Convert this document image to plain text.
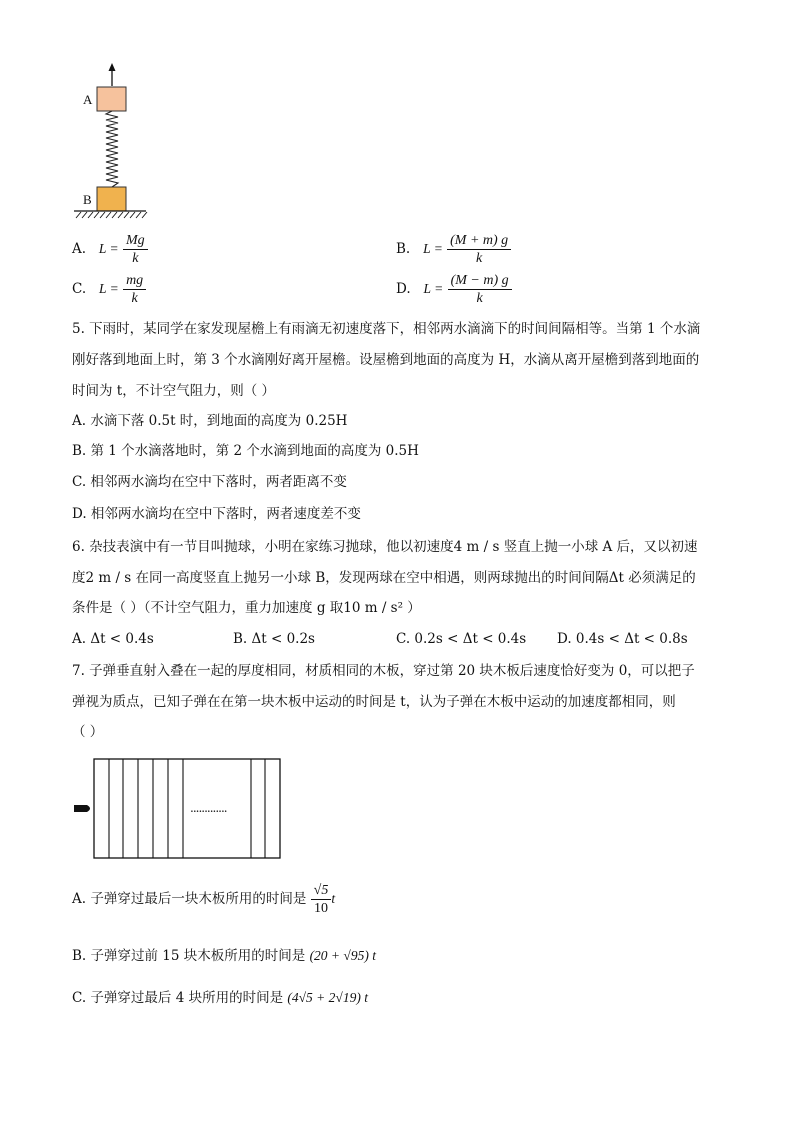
A
B
A. $L = \frac{Mg}{k}$	B. $L = \frac{(M + m) g}{k}$
C. $L = \frac{mg}{k}$	D. $L = \frac{(M - m) g}{k}$
5. 下雨时，某同学在家发现屋檐上有雨滴无初速度落下，相邻两水滴滴下的时间间隔相等。当第 1 个水滴
刚好落到地面上时，第 3 个水滴刚好离开屋檐。设屋檐到地面的高度为 H，水滴从离开屋檐到落到地面的
时间为 t，不计空气阻力，则（ ）
A. 水滴下落 0.5t 时，到地面的高度为 0.25H
B. 第 1 个水滴落地时，第 2 个水滴到地面的高度为 0.5H
C. 相邻两水滴均在空中下落时，两者距离不变
D. 相邻两水滴均在空中下落时，两者速度差不变
6. 杂技表演中有一节目叫抛球，小明在家练习抛球，他以初速度4 m / s 竖直上抛一小球 A 后，又以初速
度2 m / s 在同一高度竖直上抛另一小球 B，发现两球在空中相遇，则两球抛出的时间间隔Δt 必须满足的
条件是（ ）（不计空气阻力，重力加速度 g 取10 m / s² ）
A. Δt < 0.4s	B. Δt < 0.2s	C. 0.2s < Δt < 0.4s D. 0.4s < Δt < 0.8s
7. 子弹垂直射入叠在一起的厚度相同，材质相同的木板，穿过第 20 块木板后速度恰好变为 0，可以把子
弹视为质点，已知子弹在在第一块木板中运动的时间是 t，认为子弹在木板中运动的加速度都相同，则
（ ）
.............
A. 子弹穿过最后一块木板所用的时间是 $\frac{√5}{10}$ t
B. 子弹穿过前 15 块木板所用的时间是 (20 + √95) t
C. 子弹穿过最后 4 块所用的时间是 (4√5 + 2√19) t
